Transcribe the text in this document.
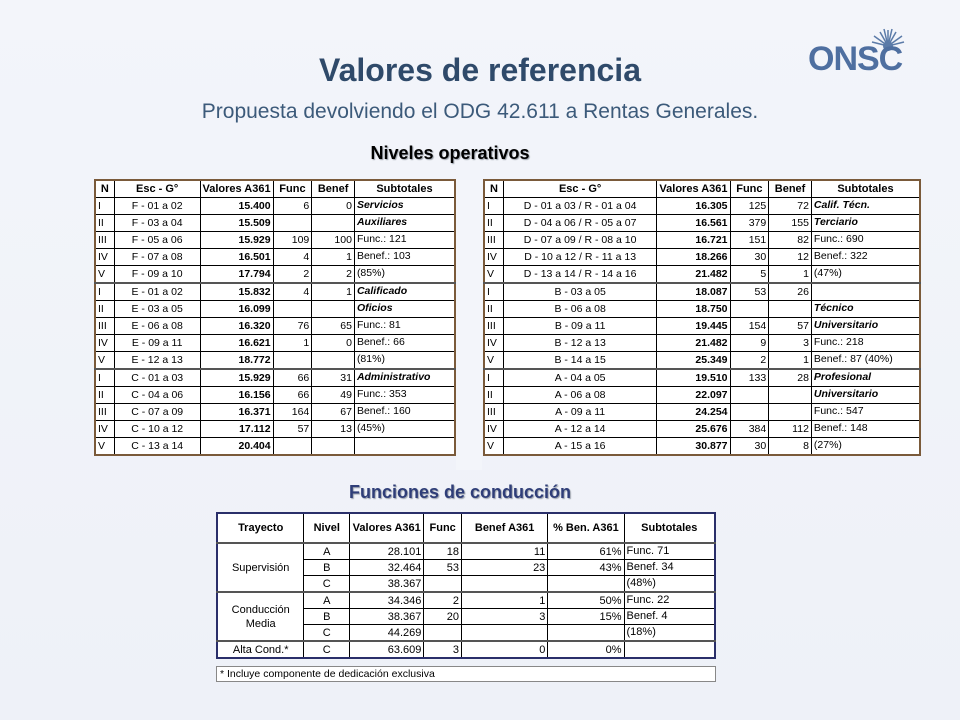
Valores de referencia
Propuesta devolviendo el ODG 42.611 a Rentas Generales.
ONSC
Niveles operativos
N	Esc - G°	Valores A361	Func	Benef	Subtotales
I	F - 01 a 02	15.400	6	0	Servicios
II	F - 03 a 04	15.509			Auxiliares
III	F - 05 a 06	15.929	109	100	Func.: 121
IV	F - 07 a 08	16.501	4	1	Benef.: 103
V	F - 09 a 10	17.794	2	2	(85%)
I	E - 01 a 02	15.832	4	1	Calificado
II	E - 03 a 05	16.099			Oficios
III	E - 06 a 08	16.320	76	65	Func.: 81
IV	E - 09 a 11	16.621	1	0	Benef.: 66
V	E - 12 a 13	18.772			(81%)
I	C - 01 a 03	15.929	66	31	Administrativo
II	C - 04 a 06	16.156	66	49	Func.: 353
III	C - 07 a 09	16.371	164	67	Benef.: 160
IV	C - 10 a 12	17.112	57	13	(45%)
V	C - 13 a 14	20.404			
N	Esc - G°	Valores A361	Func	Benef	Subtotales
I	D - 01 a 03 / R - 01 a 04	16.305	125	72	Calif. Técn.
II	D - 04 a 06 / R - 05 a 07	16.561	379	155	Terciario
III	D - 07 a 09 / R - 08 a 10	16.721	151	82	Func.: 690
IV	D - 10 a 12 / R - 11 a 13	18.266	30	12	Benef.: 322
V	D - 13 a 14 / R - 14 a 16	21.482	5	1	(47%)
I	B - 03 a 05	18.087	53	26	
II	B - 06 a 08	18.750			Técnico
III	B - 09 a 11	19.445	154	57	Universitario
IV	B - 12 a 13	21.482	9	3	Func.: 218
V	B - 14 a 15	25.349	2	1	Benef.: 87 (40%)
I	A - 04 a 05	19.510	133	28	Profesional
II	A - 06 a 08	22.097			Universitario
III	A - 09 a 11	24.254			Func.: 547
IV	A - 12 a 14	25.676	384	112	Benef.: 148
V	A - 15 a 16	30.877	30	8	(27%)
Funciones de conducción
Trayecto	Nivel	Valores A361	Func	Benef A361	% Ben. A361	Subtotales
Supervisión	A	28.101	18	11	61%	Func. 71
	B	32.464	53	23	43%	Benef. 34
	C	38.367				(48%)
Conducción Media	A	34.346	2	1	50%	Func. 22
	B	38.367	20	3	15%	Benef. 4
	C	44.269				(18%)
Alta Cond.*	C	63.609	3	0	0%	
* Incluye componente de dedicación exclusiva
